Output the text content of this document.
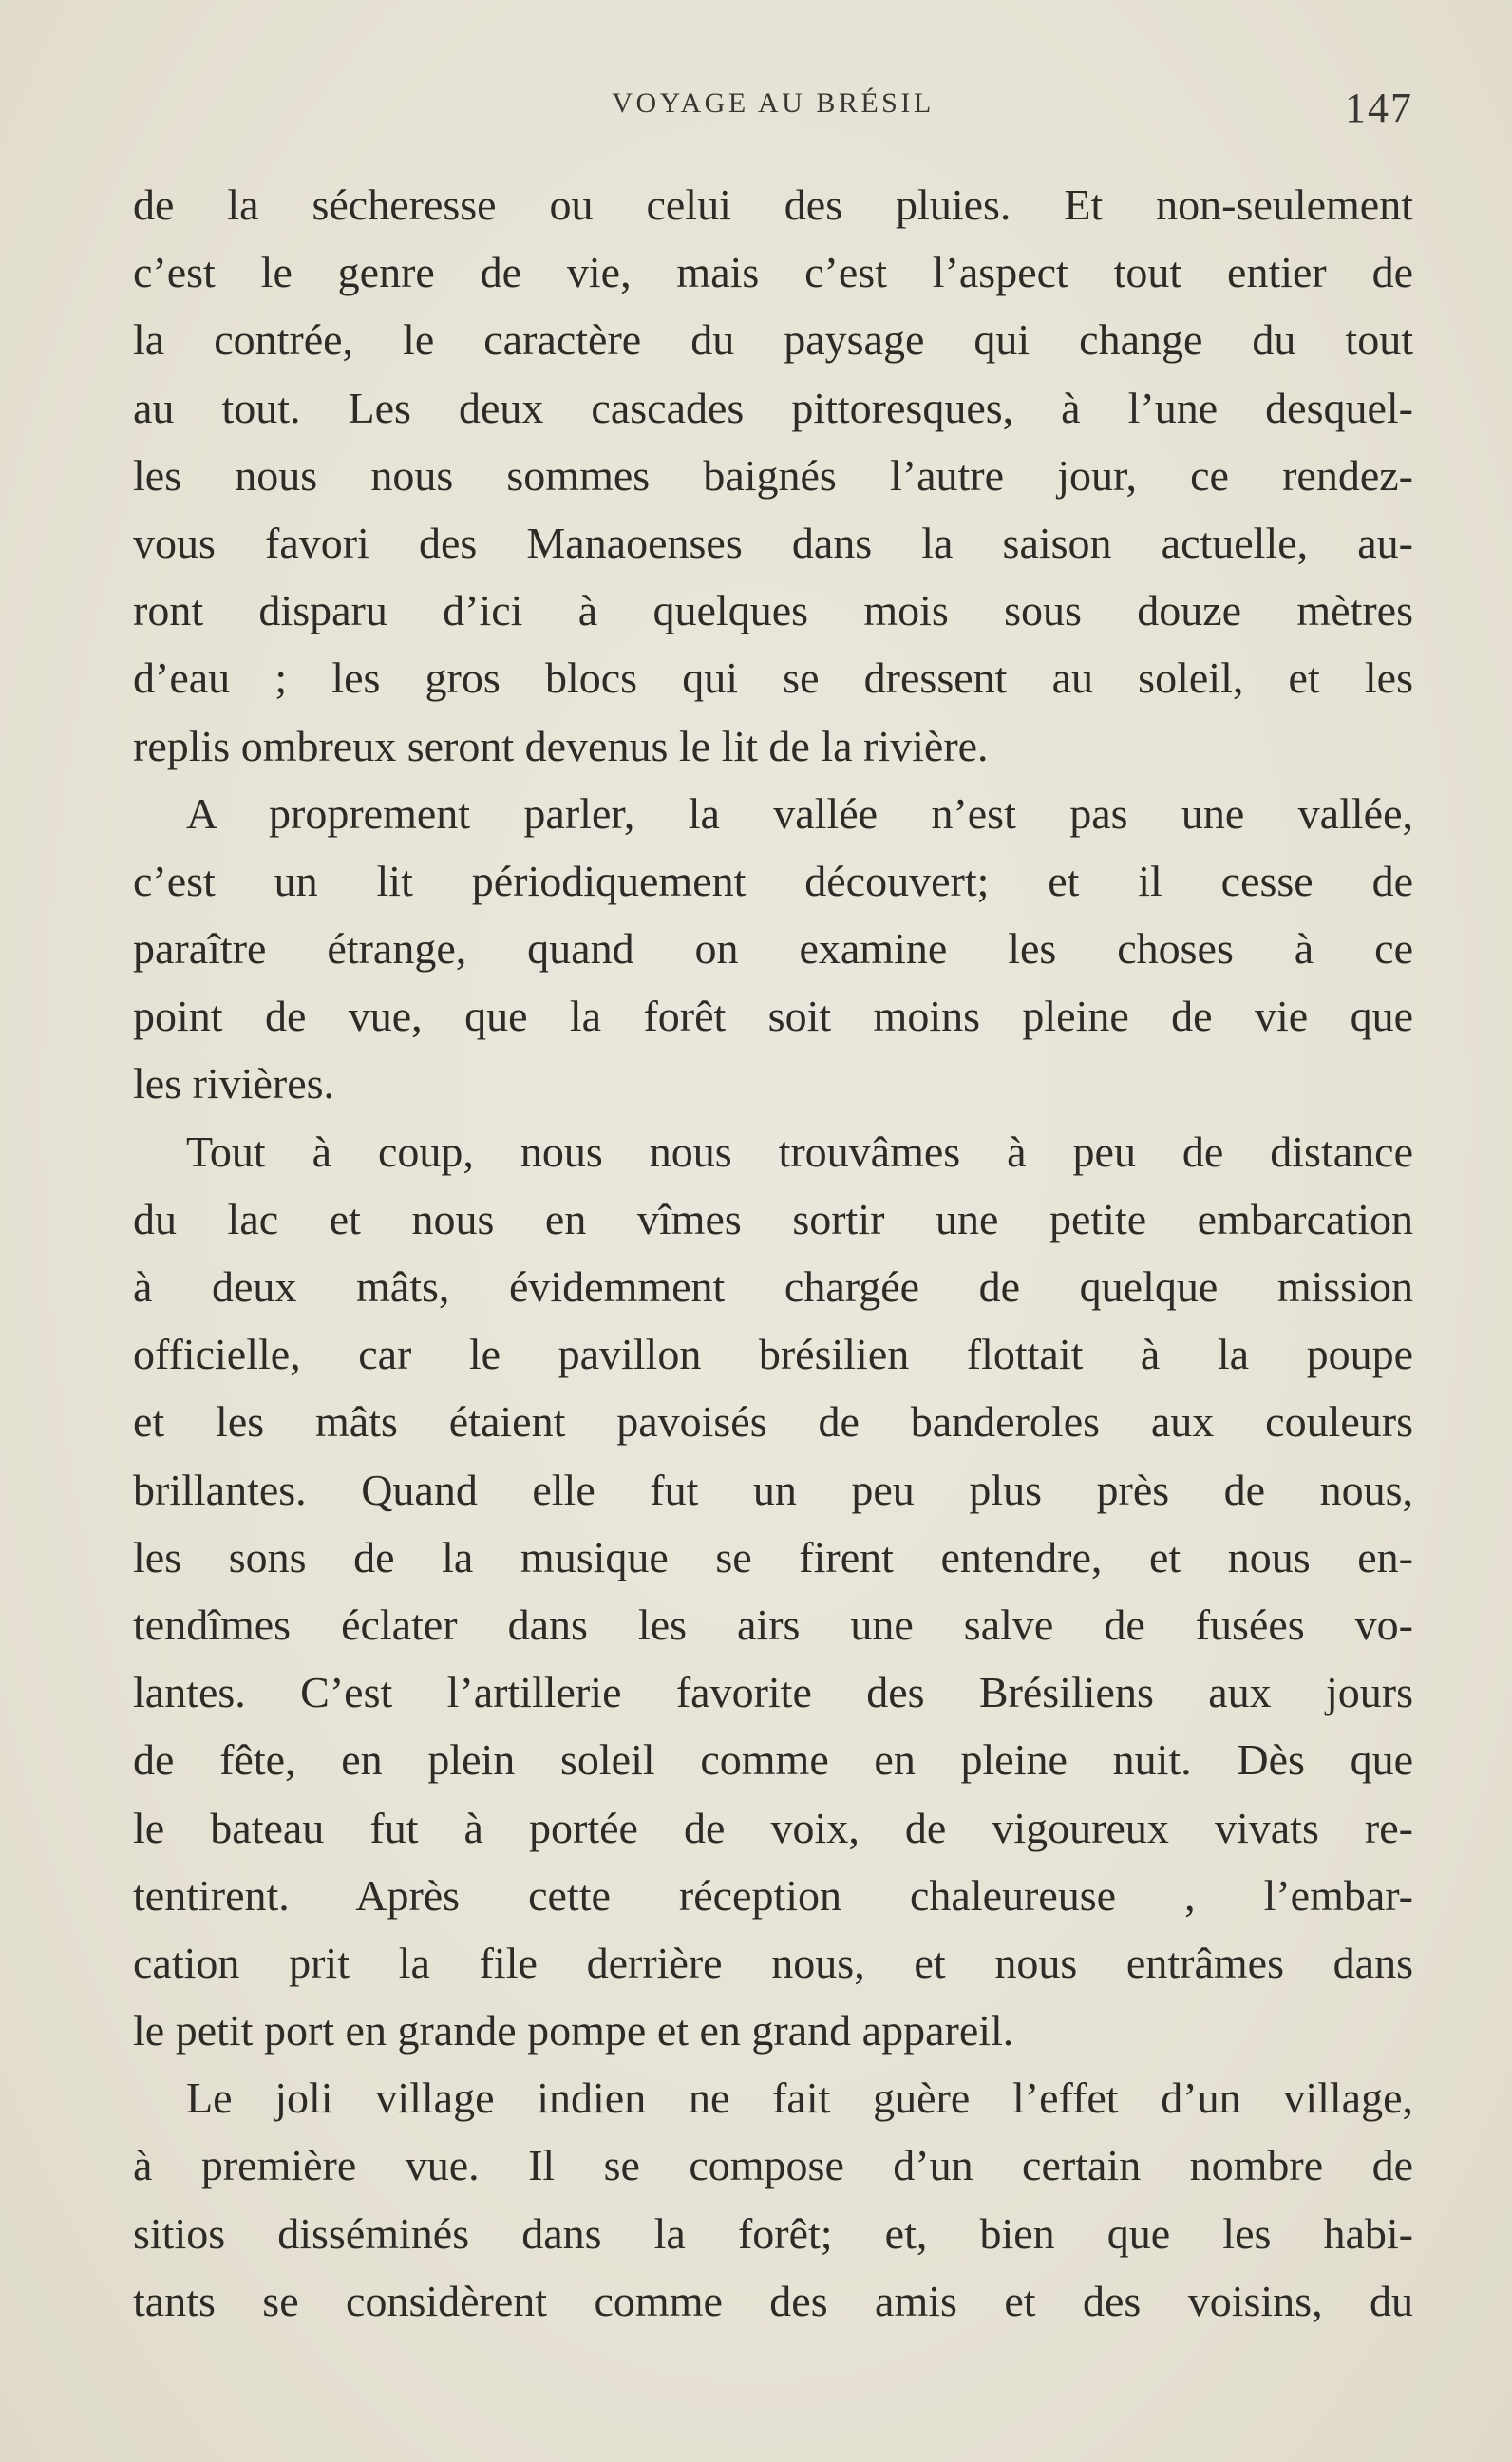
VOYAGE AU BRÉSIL	147
de la sécheresse ou celui des pluies. Et non-seulement
c’est le genre de vie, mais c’est l’aspect tout entier de
la contrée, le caractère du paysage qui change du tout
au tout. Les deux cascades pittoresques, à l’une desquel-
les nous nous sommes baignés l’autre jour, ce rendez-
vous favori des Manaoenses dans la saison actuelle, au-
ront disparu d’ici à quelques mois sous douze mètres
d’eau ; les gros blocs qui se dressent au soleil, et les
replis ombreux seront devenus le lit de la rivière.
A proprement parler, la vallée n’est pas une vallée,
c’est un lit périodiquement découvert; et il cesse de
paraître étrange, quand on examine les choses à ce
point de vue, que la forêt soit moins pleine de vie que
les rivières.
Tout à coup, nous nous trouvâmes à peu de distance
du lac et nous en vîmes sortir une petite embarcation
à deux mâts, évidemment chargée de quelque mission
officielle, car le pavillon brésilien flottait à la poupe
et les mâts étaient pavoisés de banderoles aux couleurs
brillantes. Quand elle fut un peu plus près de nous,
les sons de la musique se firent entendre, et nous en-
tendîmes éclater dans les airs une salve de fusées vo-
lantes. C’est l’artillerie favorite des Brésiliens aux jours
de fête, en plein soleil comme en pleine nuit. Dès que
le bateau fut à portée de voix, de vigoureux vivats re-
tentirent. Après cette réception chaleureuse , l’embar-
cation prit la file derrière nous, et nous entrâmes dans
le petit port en grande pompe et en grand appareil.
Le joli village indien ne fait guère l’effet d’un village,
à première vue. Il se compose d’un certain nombre de
sitios disséminés dans la forêt; et, bien que les habi-
tants se considèrent comme des amis et des voisins, du
